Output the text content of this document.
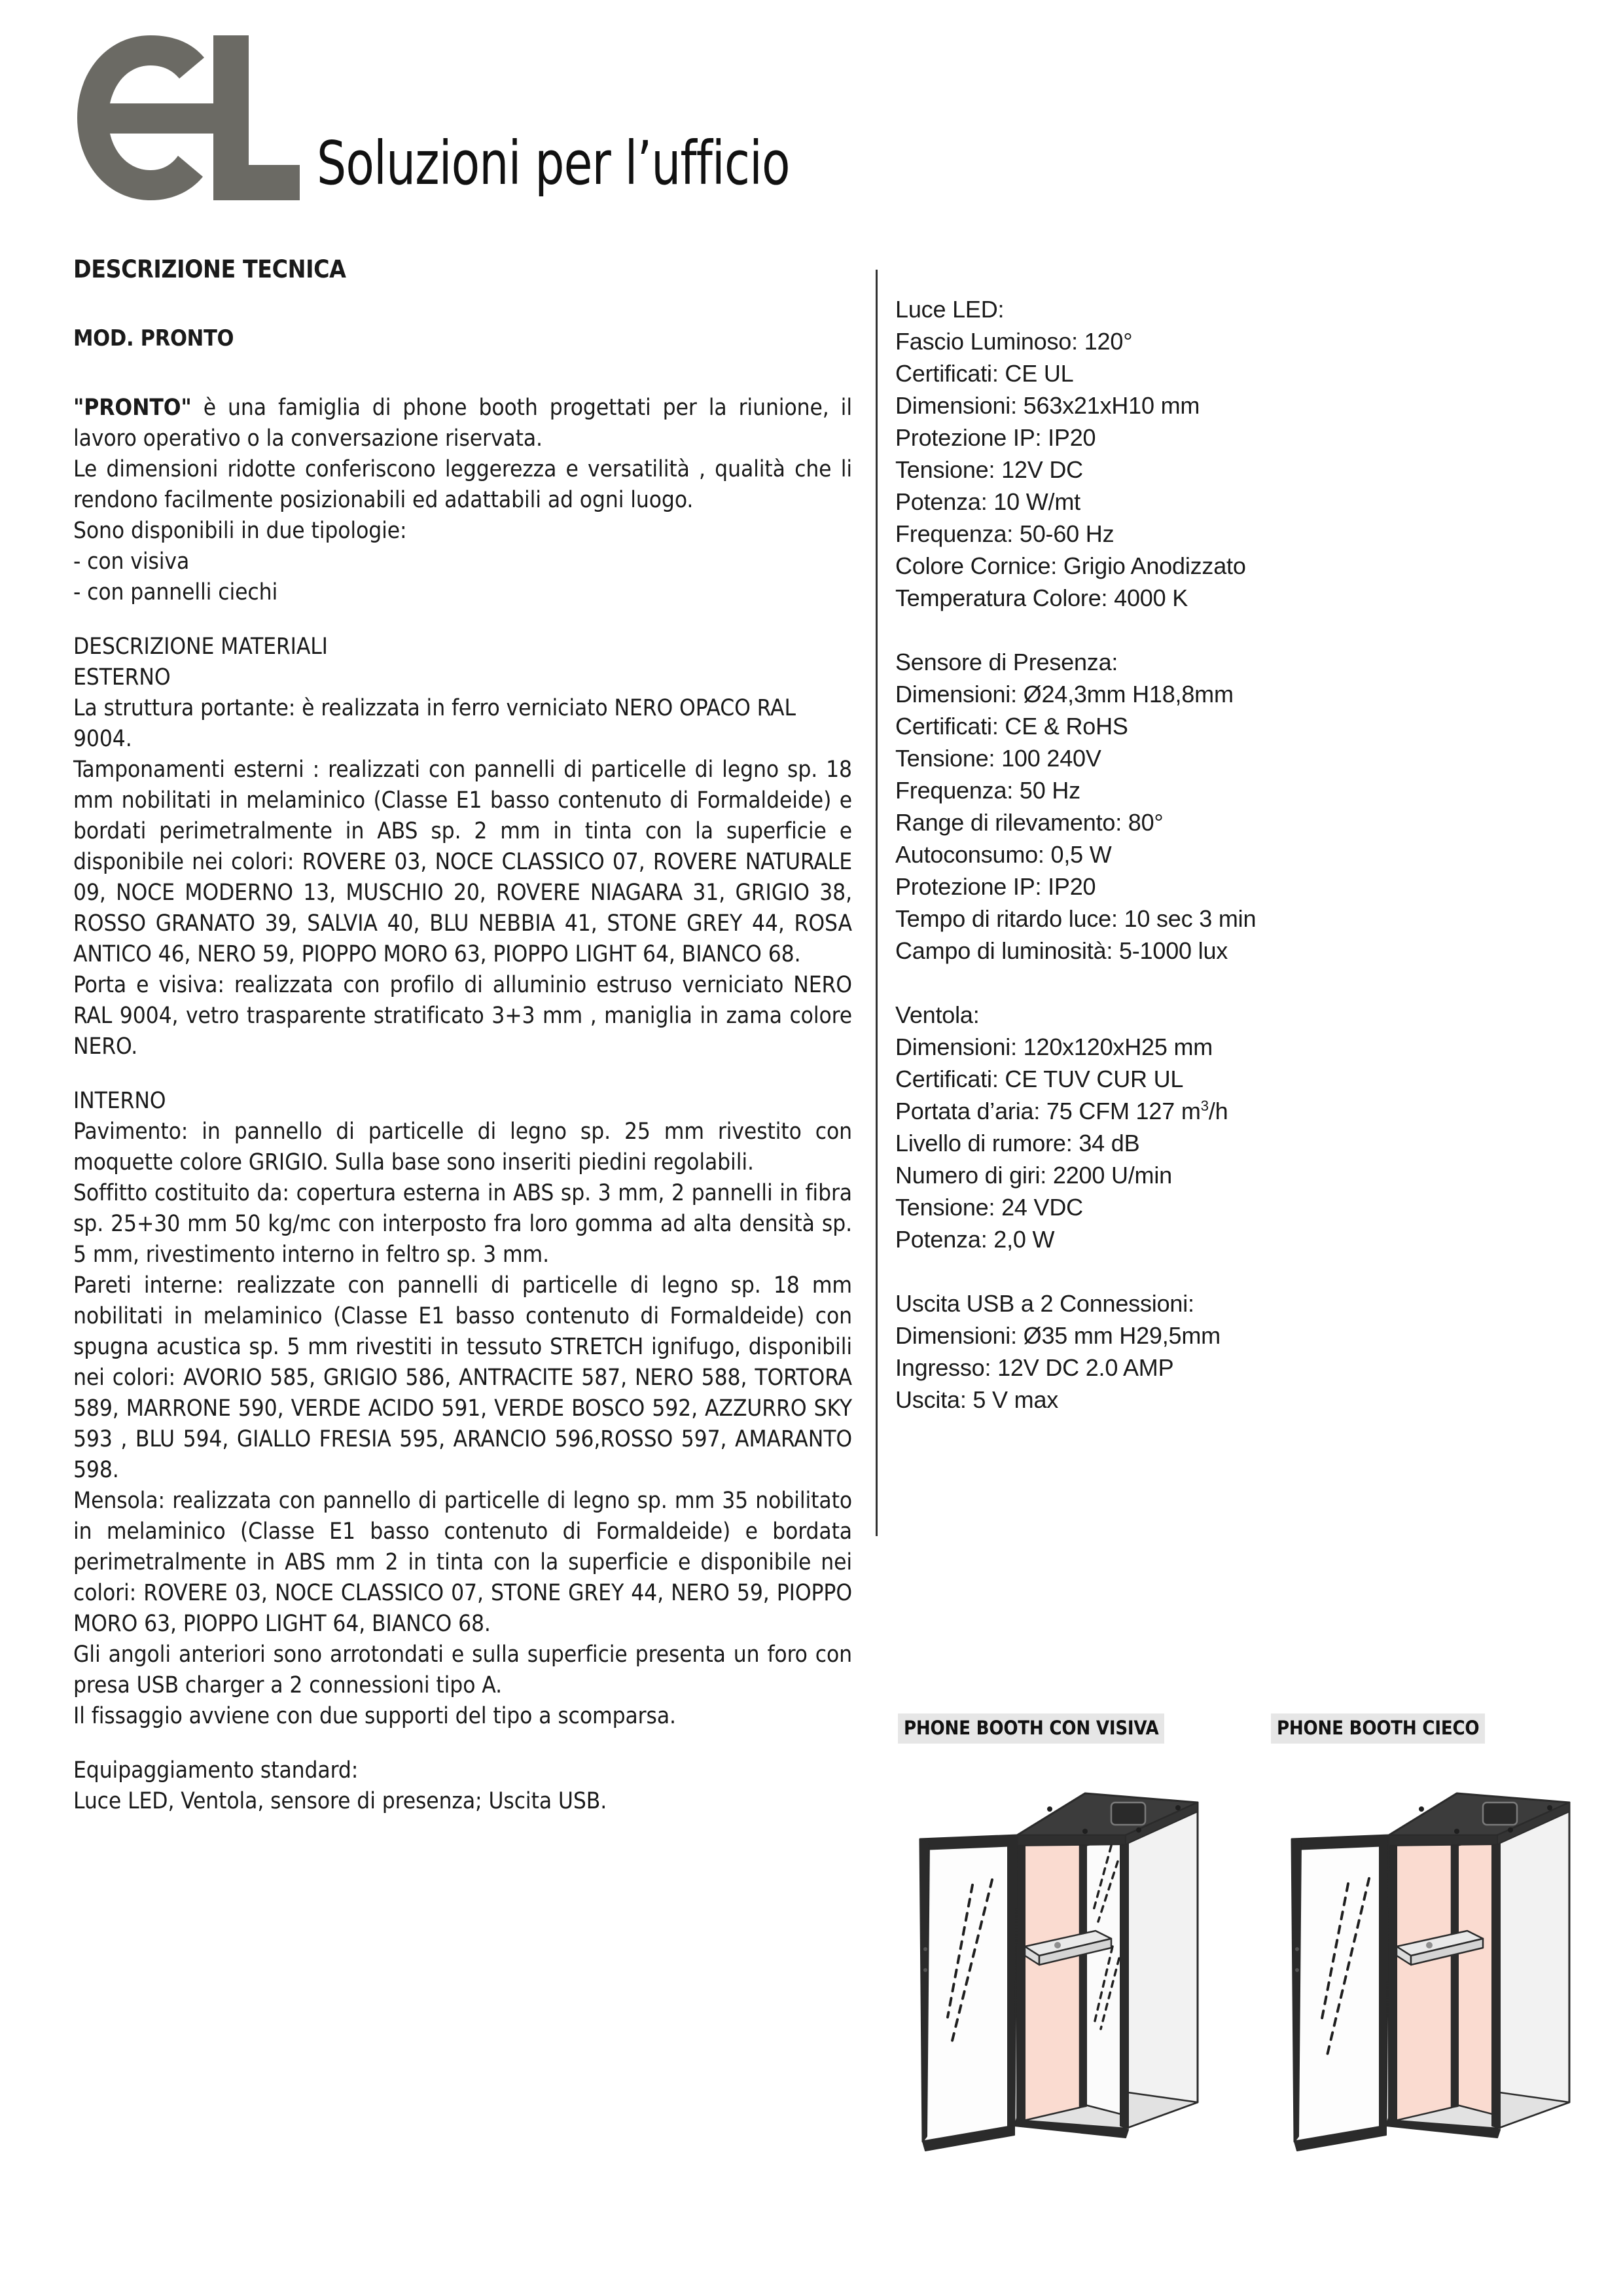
Soluzioni per l’ufficio
DESCRIZIONE TECNICA
MOD. PRONTO
"PRONTO" è una famiglia di phone booth progettati per la riunione, il lavoro operativo o la conversazione riservata.
Le dimensioni ridotte conferiscono leggerezza e versatilità , qualità che li rendono facilmente posizionabili ed adattabili ad ogni luogo.
Sono disponibili in due tipologie:
- con visiva
- con pannelli ciechi
DESCRIZIONE MATERIALI
ESTERNO
La struttura portante: è realizzata in ferro verniciato NERO OPACO RAL 9004.
Tamponamenti esterni : realizzati con pannelli di particelle di legno sp. 18 mm nobilitati in melaminico (Classe E1 basso contenuto di Formaldeide) e bordati perimetralmente in ABS sp. 2 mm in tinta con la superficie e disponibile nei colori: ROVERE 03, NOCE CLASSICO 07, ROVERE NATURALE 09, NOCE MODERNO 13, MUSCHIO 20, ROVERE NIAGARA 31, GRIGIO 38, ROSSO GRANATO 39, SALVIA 40, BLU NEBBIA 41, STONE GREY 44, ROSA ANTICO 46, NERO 59, PIOPPO MORO 63, PIOPPO LIGHT 64, BIANCO 68.
Porta e visiva: realizzata con profilo di alluminio estruso verniciato NERO RAL 9004, vetro trasparente stratificato 3+3 mm , maniglia in zama colore NERO.
INTERNO
Pavimento: in pannello di particelle di legno sp. 25 mm rivestito con moquette colore GRIGIO. Sulla base sono inseriti piedini regolabili.
Soffitto costituito da: copertura esterna in ABS sp. 3 mm, 2 pannelli in fibra sp. 25+30 mm 50 kg/mc con interposto fra loro gomma ad alta densità sp. 5 mm, rivestimento interno in feltro sp. 3 mm.
Pareti interne: realizzate con pannelli di particelle di legno sp. 18 mm nobilitati in melaminico (Classe E1 basso contenuto di Formaldeide) con spugna acustica sp. 5 mm rivestiti in tessuto STRETCH ignifugo, disponibili nei colori: AVORIO 585, GRIGIO 586, ANTRACITE 587, NERO 588, TORTORA 589, MARRONE 590, VERDE ACIDO 591, VERDE BOSCO 592, AZZURRO SKY 593 , BLU 594, GIALLO FRESIA 595, ARANCIO 596,ROSSO 597, AMARANTO 598.
Mensola: realizzata con pannello di particelle di legno sp. mm 35 nobilitato in melaminico (Classe E1 basso contenuto di Formaldeide) e bordata perimetralmente in ABS mm 2 in tinta con la superficie e disponibile nei colori: ROVERE 03, NOCE CLASSICO 07, STONE GREY 44, NERO 59, PIOPPO MORO 63, PIOPPO LIGHT 64, BIANCO 68.
Gli angoli anteriori sono arrotondati e sulla superficie presenta un foro con presa USB charger a 2 connessioni tipo A.
Il fissaggio avviene con due supporti del tipo a scomparsa.
Equipaggiamento standard:
Luce LED, Ventola, sensore di presenza; Uscita USB.
Luce LED:
Fascio Luminoso: 120°
Certificati: CE UL
Dimensioni: 563x21xH10 mm
Protezione IP: IP20
Tensione: 12V DC
Potenza: 10 W/mt
Frequenza: 50-60 Hz
Colore Cornice: Grigio Anodizzato
Temperatura Colore: 4000 K
Sensore di Presenza:
Dimensioni: Ø24,3mm H18,8mm
Certificati: CE & RoHS
Tensione: 100 240V
Frequenza: 50 Hz
Range di rilevamento: 80°
Autoconsumo: 0,5 W
Protezione IP: IP20
Tempo di ritardo luce: 10 sec 3 min
Campo di luminosità: 5-1000 lux
Ventola:
Dimensioni: 120x120xH25 mm
Certificati: CE TUV CUR UL
Portata d’aria: 75 CFM 127 $m^3/h$
Livello di rumore: 34 dB
Numero di giri: 2200 U/min
Tensione: 24 VDC
Potenza: 2,0 W
Uscita USB a 2 Connessioni:
Dimensioni: Ø35 mm H29,5mm
Ingresso: 12V DC 2.0 AMP
Uscita: 5 V max
PHONE BOOTH CON VISIVA	PHONE BOOTH CIECO
